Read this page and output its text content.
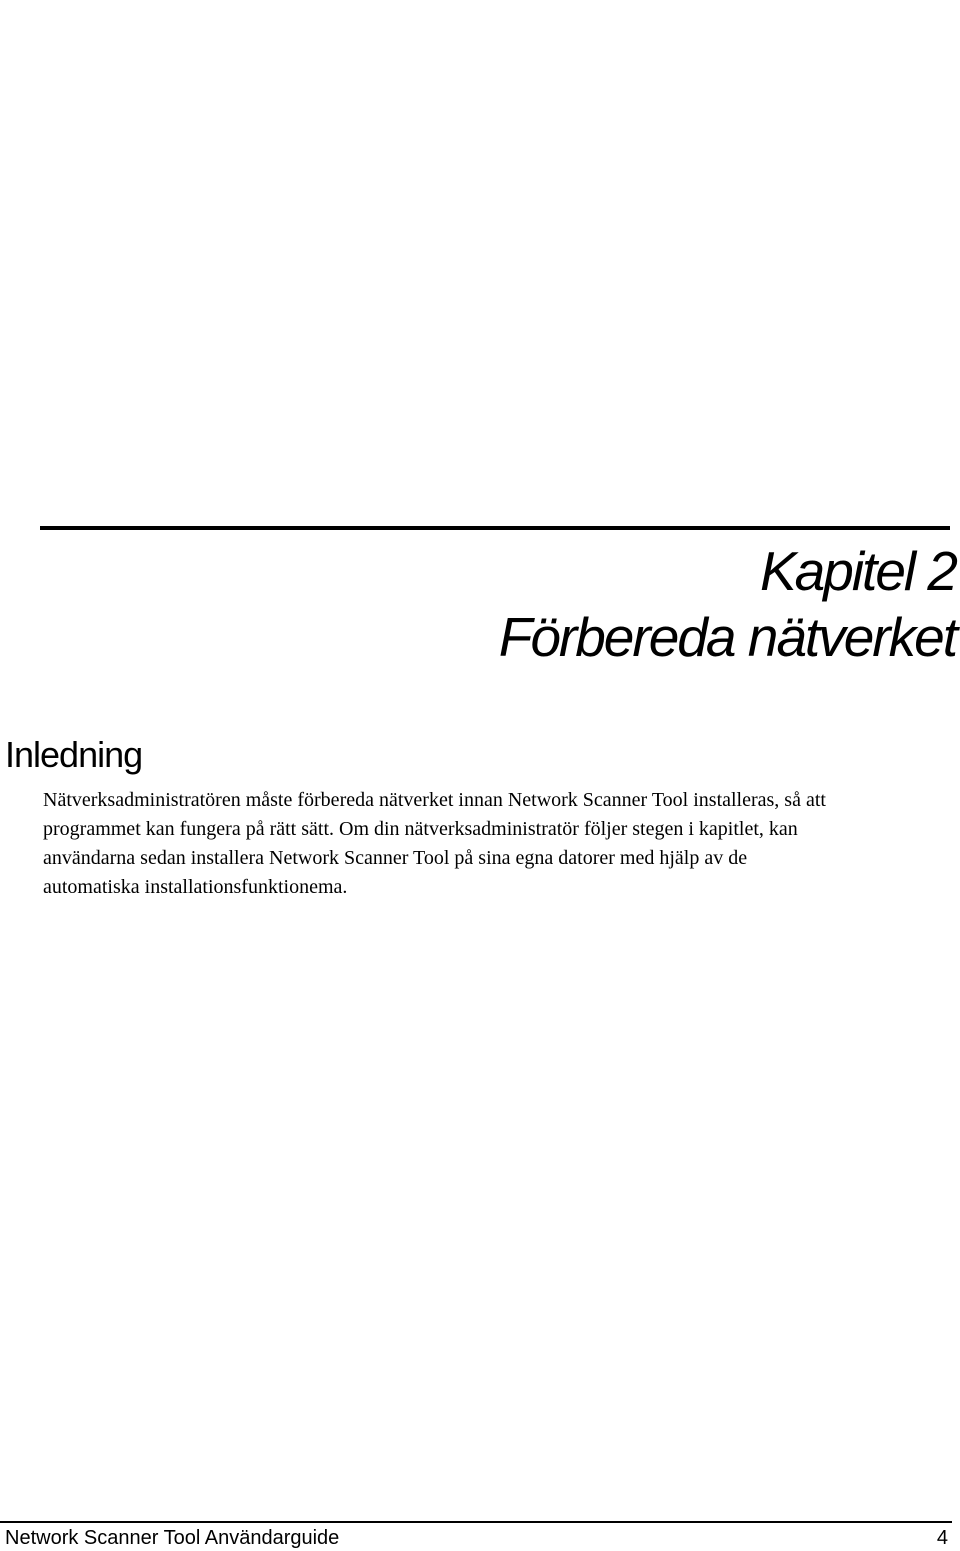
Kapitel 2
Förbereda nätverket
Inledning

Nätverksadministratören måste förbereda nätverket innan Network Scanner Tool installeras, så att
programmet kan fungera på rätt sätt. Om din nätverksadministratör följer stegen i kapitlet, kan
användarna sedan installera Network Scanner Tool på sina egna datorer med hjälp av de
automatiska installationsfunktionema.

Network Scanner Tool Användarguide	4
